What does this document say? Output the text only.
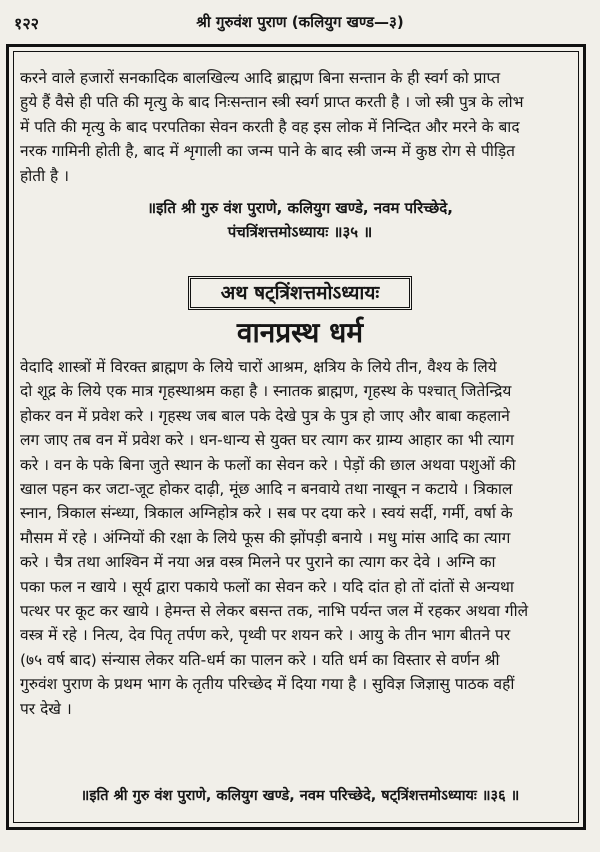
१२२	श्री गुरुवंश पुराण (कलियुग खण्ड—३)
करने वाले हजारों सनकादिक बालखिल्य आदि ब्राह्मण बिना सन्तान के ही स्वर्ग को प्राप्त
हुये हैं वैसे ही पति की मृत्यु के बाद निःसन्तान स्त्री स्वर्ग प्राप्त करती है । जो स्त्री पुत्र के लोभ
में पति की मृत्यु के बाद परपतिका सेवन करती है वह इस लोक में निन्दित और मरने के बाद
नरक गामिनी होती है, बाद में शृगाली का जन्म पाने के बाद स्त्री जन्म में कुष्ठ रोग से पीड़ित
होती है ।
॥इति श्री गुरु वंश पुराणे, कलियुग खण्डे, नवम परिच्छेदे,
पंचत्रिंशत्तमोऽध्यायः ॥३५ ॥
अथ षट्त्रिंशत्तमोऽध्यायः
वानप्रस्थ धर्म
वेदादि शास्त्रों में विरक्त ब्राह्मण के लिये चारों आश्रम, क्षत्रिय के लिये तीन, वैश्य के लिये
दो शूद्र के लिये एक मात्र गृहस्थाश्रम कहा है । स्नातक ब्राह्मण, गृहस्थ के पश्चात् जितेन्द्रिय
होकर वन में प्रवेश करे । गृहस्थ जब बाल पके देखे पुत्र के पुत्र हो जाए और बाबा कहलाने
लग जाए तब वन में प्रवेश करे । धन-धान्य से युक्त घर त्याग कर ग्राम्य आहार का भी त्याग
करे । वन के पके बिना जुते स्थान के फलों का सेवन करे । पेड़ों की छाल अथवा पशुओं की
खाल पहन कर जटा-जूट होकर दाढ़ी, मूंछ आदि न बनवाये तथा नाखून न कटाये । त्रिकाल
स्नान, त्रिकाल संन्ध्या, त्रिकाल अग्निहोत्र करे । सब पर दया करे । स्वयं सर्दी, गर्मी, वर्षा के
मौसम में रहे । अंग्नियों की रक्षा के लिये फूस की झोंपड़ी बनाये । मधु मांस आदि का त्याग
करे । चैत्र तथा आश्विन में नया अन्न वस्त्र मिलने पर पुराने का त्याग कर देवे । अग्नि का
पका फल न खाये । सूर्य द्वारा पकाये फलों का सेवन करे । यदि दांत हो तों दांतों से अन्यथा
पत्थर पर कूट कर खाये । हेमन्त से लेकर बसन्त तक, नाभि पर्यन्त जल में रहकर अथवा गीले
वस्त्र में रहे । नित्य, देव पितृ तर्पण करे, पृथ्वी पर शयन करे । आयु के तीन भाग बीतने पर
(७५ वर्ष बाद) संन्यास लेकर यति-धर्म का पालन करे । यति धर्म का विस्तार से वर्णन श्री
गुरुवंश पुराण के प्रथम भाग के तृतीय परिच्छेद में दिया गया है । सुविज्ञ जिज्ञासु पाठक वहीं
पर देखे ।
॥इति श्री गुरु वंश पुराणे, कलियुग खण्डे, नवम परिच्छेदे, षट्त्रिंशत्तमोऽध्यायः ॥३६ ॥
